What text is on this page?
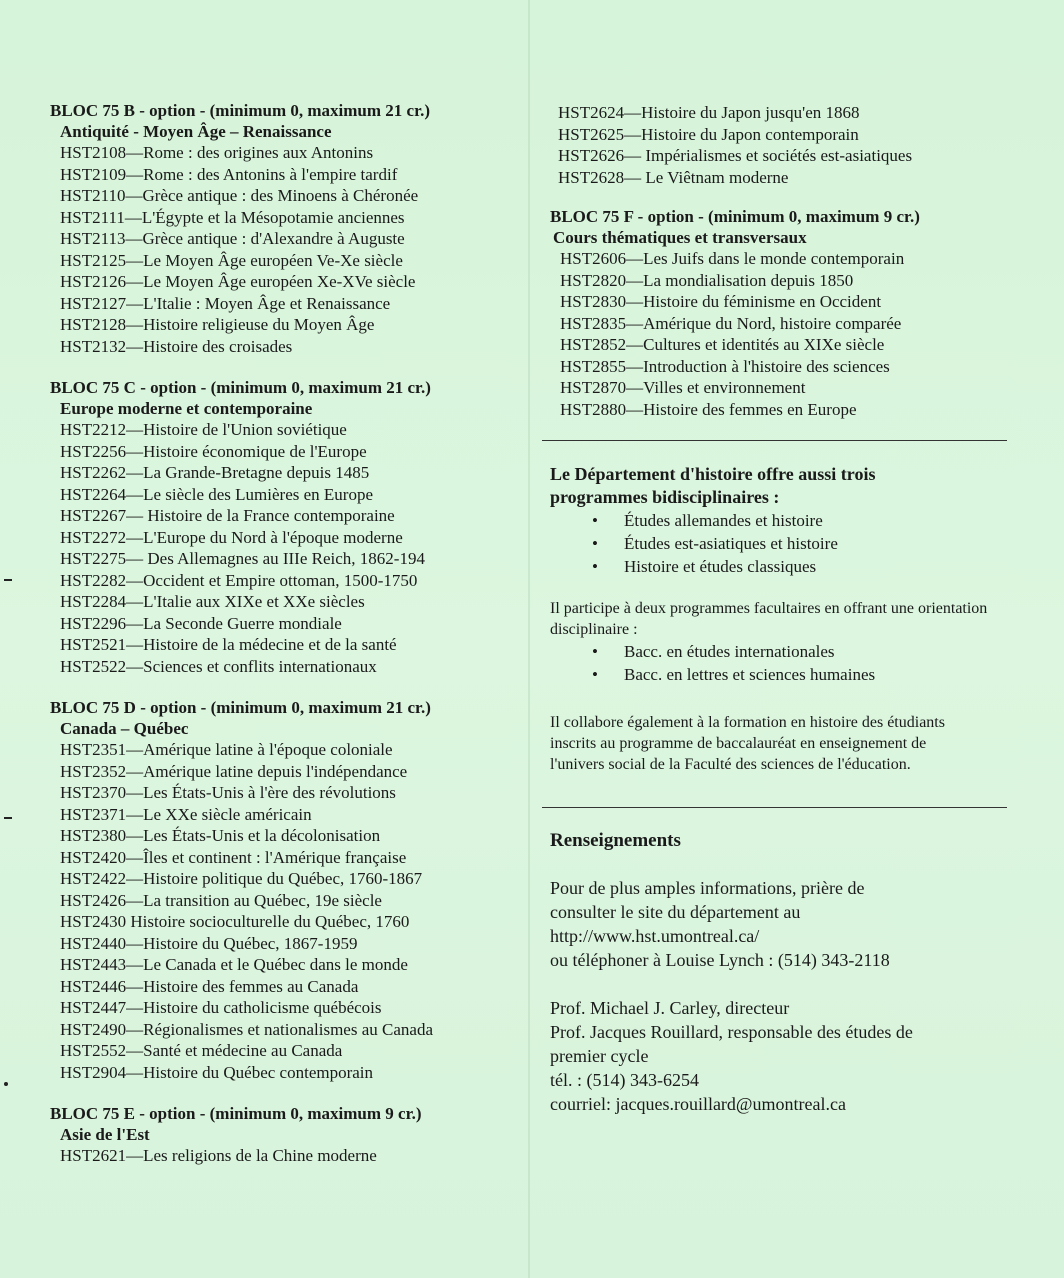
BLOC 75 B - option - (minimum 0, maximum 21 cr.)
Antiquité - Moyen Âge – Renaissance
HST2108—Rome : des origines aux Antonins
HST2109—Rome : des Antonins à l'empire tardif
HST2110—Grèce antique : des Minoens à Chéronée
HST2111—L'Égypte et la Mésopotamie anciennes
HST2113—Grèce antique : d'Alexandre à Auguste
HST2125—Le Moyen Âge européen Ve-Xe siècle
HST2126—Le Moyen Âge européen Xe-XVe siècle
HST2127—L'Italie : Moyen Âge et Renaissance
HST2128—Histoire religieuse du Moyen Âge
HST2132—Histoire des croisades
BLOC 75 C - option - (minimum 0, maximum 21 cr.)
Europe moderne et contemporaine
HST2212—Histoire de l'Union soviétique
HST2256—Histoire économique de l'Europe
HST2262—La Grande-Bretagne depuis 1485
HST2264—Le siècle des Lumières en Europe
HST2267— Histoire de la France contemporaine
HST2272—L'Europe du Nord à l'époque moderne
HST2275— Des Allemagnes au IIIe Reich, 1862-194
HST2282—Occident et Empire ottoman, 1500-1750
HST2284—L'Italie aux XIXe et XXe siècles
HST2296—La Seconde Guerre mondiale
HST2521—Histoire de la médecine et de la santé
HST2522—Sciences et conflits internationaux
BLOC 75 D - option - (minimum 0, maximum 21 cr.)
Canada – Québec
HST2351—Amérique latine à l'époque coloniale
HST2352—Amérique latine depuis l'indépendance
HST2370—Les États-Unis à l'ère des révolutions
HST2371—Le XXe siècle américain
HST2380—Les États-Unis et la décolonisation
HST2420—Îles et continent : l'Amérique française
HST2422—Histoire politique du Québec, 1760-1867
HST2426—La transition au Québec, 19e siècle
HST2430 Histoire socioculturelle du Québec, 1760
HST2440—Histoire du Québec, 1867-1959
HST2443—Le Canada et le Québec dans le monde
HST2446—Histoire des femmes au Canada
HST2447—Histoire du catholicisme québécois
HST2490—Régionalismes et nationalismes au Canada
HST2552—Santé et médecine au Canada
HST2904—Histoire du Québec contemporain
BLOC 75 E - option - (minimum 0, maximum 9 cr.)
Asie de l'Est
HST2621—Les religions de la Chine moderne
HST2624—Histoire du Japon jusqu'en 1868
HST2625—Histoire du Japon contemporain
HST2626— Impérialismes et sociétés est-asiatiques
HST2628— Le Viêtnam moderne
BLOC 75 F - option - (minimum 0, maximum 9 cr.)
Cours thématiques et transversaux
HST2606—Les Juifs dans le monde contemporain
HST2820—La mondialisation depuis 1850
HST2830—Histoire du féminisme en Occident
HST2835—Amérique du Nord, histoire comparée
HST2852—Cultures et identités au XIXe siècle
HST2855—Introduction à l'histoire des sciences
HST2870—Villes et environnement
HST2880—Histoire des femmes en Europe
Le Département d'histoire offre aussi trois
programmes bidisciplinaires :
• Études allemandes et histoire
• Études est-asiatiques et histoire
• Histoire et études classiques
Il participe à deux programmes facultaires en offrant une orientation disciplinaire :
• Bacc. en études internationales
• Bacc. en lettres et sciences humaines
Il collabore également à la formation en histoire des étudiants inscrits au programme de baccalauréat en enseignement de l'univers social de la Faculté des sciences de l'éducation.
Renseignements
Pour de plus amples informations, prière de
consulter le site du département au
http://www.hst.umontreal.ca/
ou téléphoner à Louise Lynch : (514) 343-2118
Prof. Michael J. Carley, directeur
Prof. Jacques Rouillard, responsable des études de
premier cycle
tél. : (514) 343-6254
courriel: jacques.rouillard@umontreal.ca
